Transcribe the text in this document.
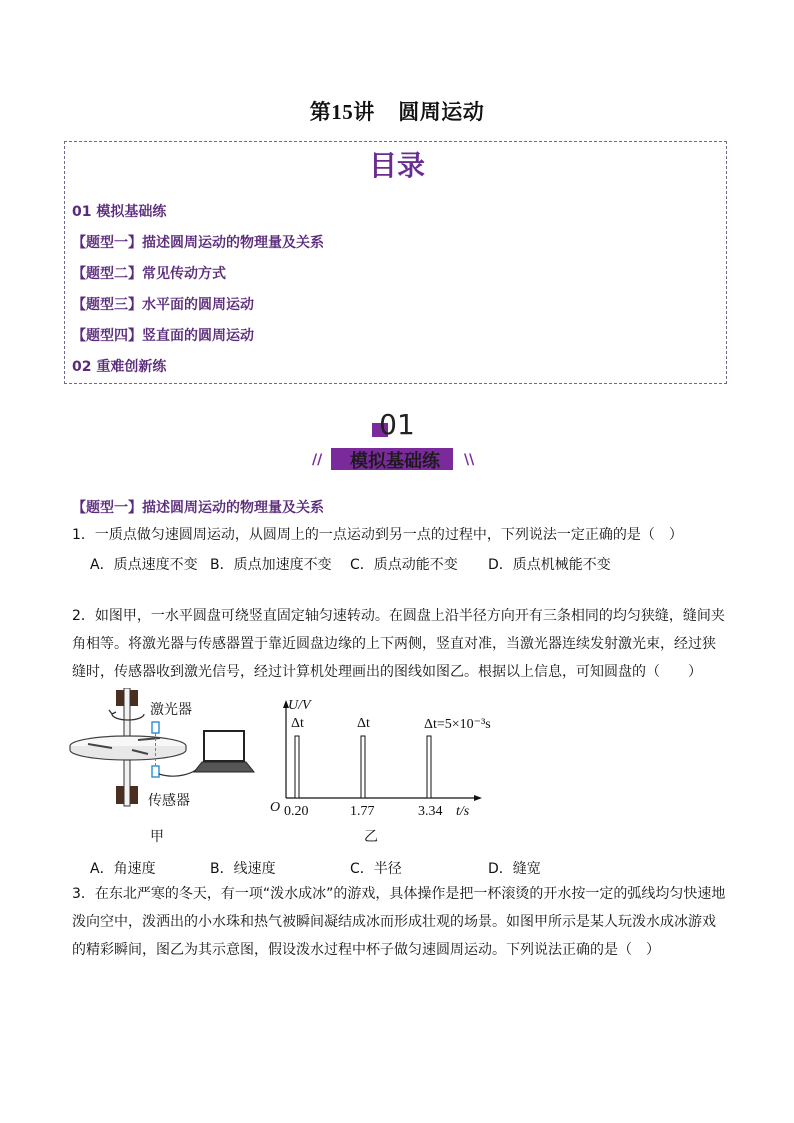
第15讲 圆周运动
目录
01 模拟基础练
【题型一】描述圆周运动的物理量及关系
【题型二】常见传动方式
【题型三】水平面的圆周运动
【题型四】竖直面的圆周运动
02 重难创新练
01
//	\\
模拟基础练
【题型一】描述圆周运动的物理量及关系
1．一质点做匀速圆周运动，从圆周上的一点运动到另一点的过程中，下列说法一定正确的是（　）
A．质点速度不变 B．质点加速度不变 C．质点动能不变 D．质点机械能不变
2．如图甲，一水平圆盘可绕竖直固定轴匀速转动。在圆盘上沿半径方向开有三条相同的均匀狭缝，缝间夹
角相等。将激光器与传感器置于靠近圆盘边缘的上下两侧，竖直对准，当激光器连续发射激光束，经过狭
缝时，传感器收到激光信号，经过计算机处理画出的图线如图乙。根据以上信息，可知圆盘的（　　）
激光器
传感器
甲
U/V
Δt	Δt	Δt=5×10⁻³s
O 0.20	1.77	3.34 t/s
乙
A．角速度	B．线速度	C．半径	D．缝宽
3．在东北严寒的冬天，有一项“泼水成冰”的游戏，具体操作是把一杯滚烫的开水按一定的弧线均匀快速地
泼向空中，泼洒出的小水珠和热气被瞬间凝结成冰而形成壮观的场景。如图甲所示是某人玩泼水成冰游戏
的精彩瞬间，图乙为其示意图，假设泼水过程中杯子做匀速圆周运动。下列说法正确的是（　）
